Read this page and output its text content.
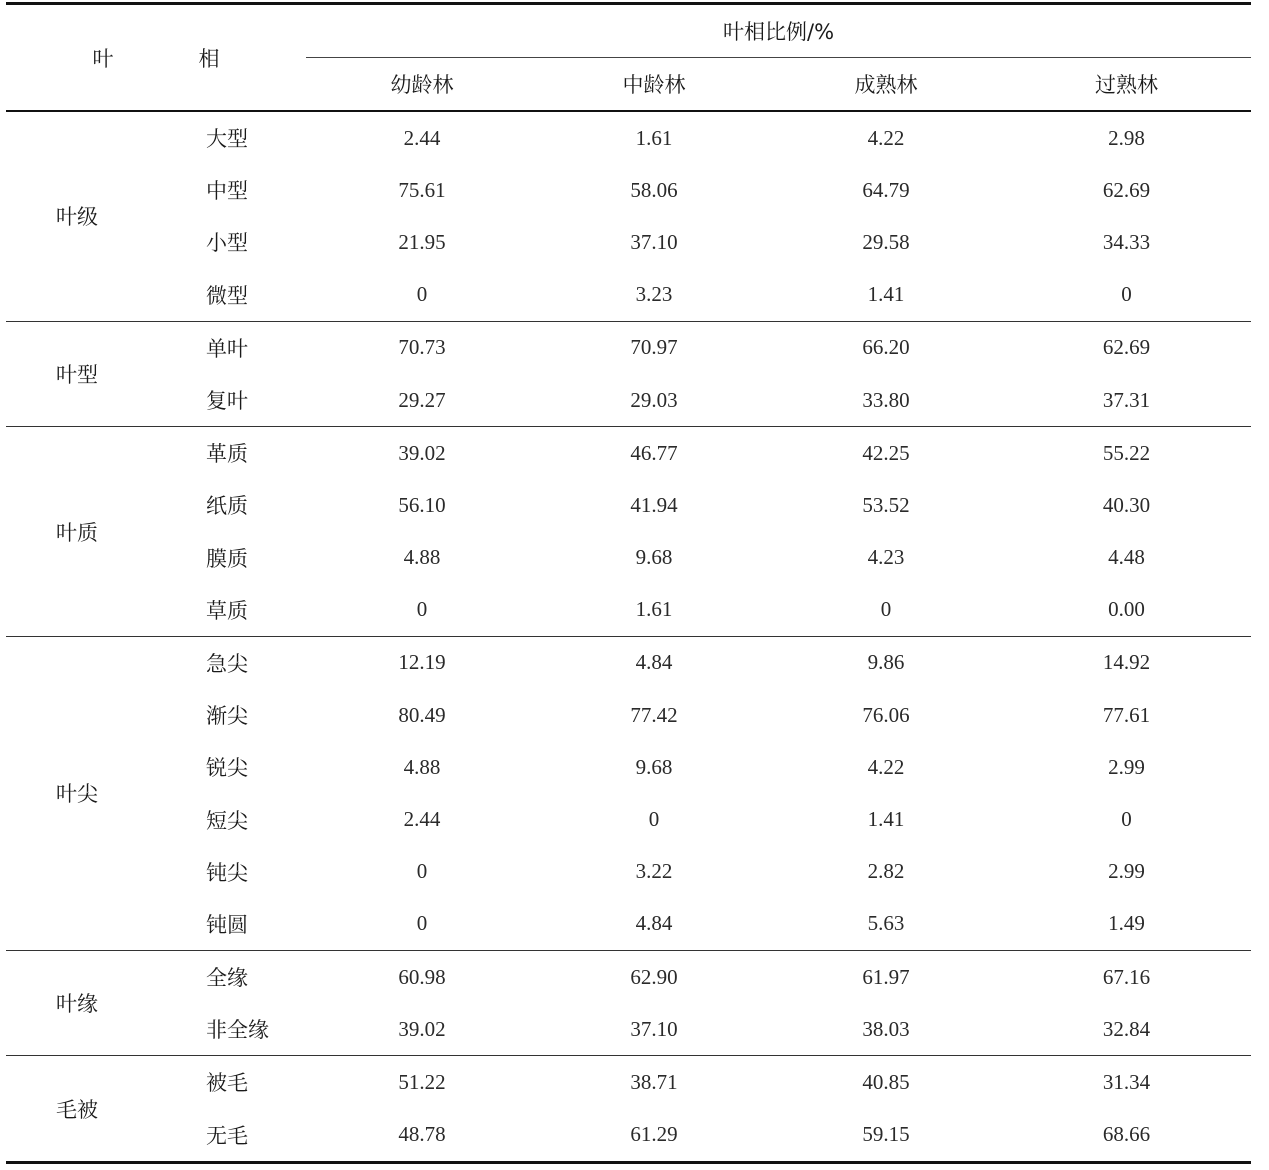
叶　相		叶相比例/%			
		幼龄林	中龄林	成熟林	过熟林
叶级	大型	2.44	1.61	4.22	2.98
	中型	75.61	58.06	64.79	62.69
	小型	21.95	37.10	29.58	34.33
	微型	0	3.23	1.41	0
叶型	单叶	70.73	70.97	66.20	62.69
	复叶	29.27	29.03	33.80	37.31
叶质	革质	39.02	46.77	42.25	55.22
	纸质	56.10	41.94	53.52	40.30
	膜质	4.88	9.68	4.23	4.48
	草质	0	1.61	0	0.00
叶尖	急尖	12.19	4.84	9.86	14.92
	渐尖	80.49	77.42	76.06	77.61
	锐尖	4.88	9.68	4.22	2.99
	短尖	2.44	0	1.41	0
	钝尖	0	3.22	2.82	2.99
	钝圆	0	4.84	5.63	1.49
叶缘	全缘	60.98	62.90	61.97	67.16
	非全缘	39.02	37.10	38.03	32.84
毛被	被毛	51.22	38.71	40.85	31.34
	无毛	48.78	61.29	59.15	68.66
